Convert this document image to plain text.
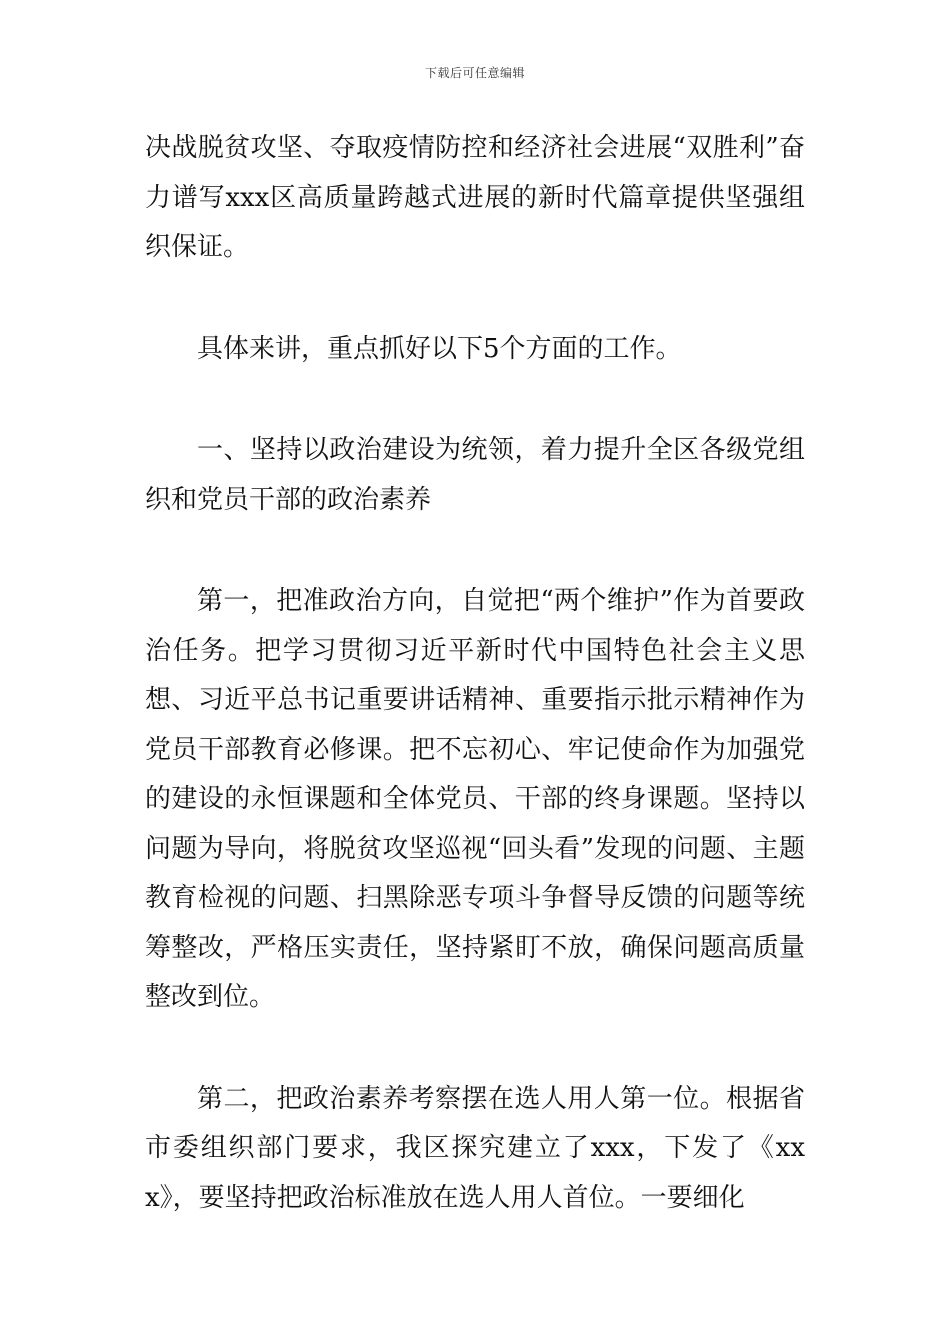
下载后可任意编辑

决战脱贫攻坚、夺取疫情防控和经济社会进展“双胜利”奋力谱写xxx区高质量跨越式进展的新时代篇章提供坚强组织保证。

具体来讲，重点抓好以下5个方面的工作。

一、坚持以政治建设为统领，着力提升全区各级党组织和党员干部的政治素养

第一，把准政治方向，自觉把“两个维护”作为首要政治任务。把学习贯彻习近平新时代中国特色社会主义思想、习近平总书记重要讲话精神、重要指示批示精神作为党员干部教育必修课。把不忘初心、牢记使命作为加强党的建设的永恒课题和全体党员、干部的终身课题。坚持以问题为导向，将脱贫攻坚巡视“回头看”发现的问题、主题教育检视的问题、扫黑除恶专项斗争督导反馈的问题等统筹整改，严格压实责任，坚持紧盯不放，确保问题高质量整改到位。

第二，把政治素养考察摆在选人用人第一位。根据省市委组织部门要求，我区探究建立了xxx，下发了《xxx》，要坚持把政治标准放在选人用人首位。一要细化
